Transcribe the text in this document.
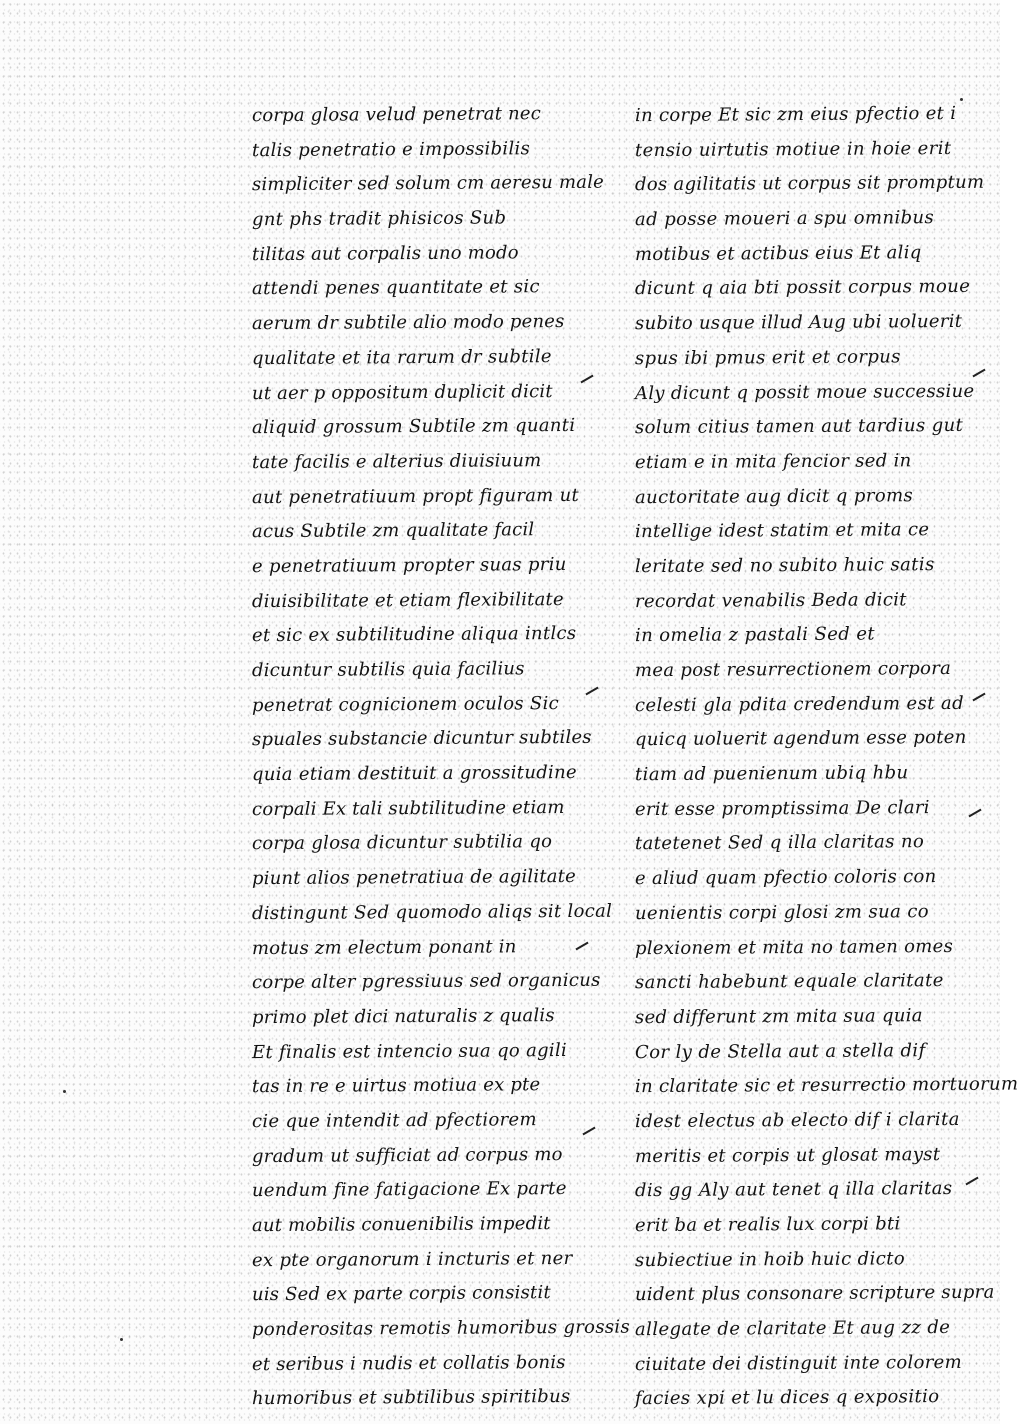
corpa glosa velud penetrat nec
talis penetratio e impossibilis
simpliciter sed solum cm aeresu male
gnt phs tradit phisicos Sub
tilitas aut corpalis uno modo
attendi penes quantitate et sic
aerum dr subtile alio modo penes
qualitate et ita rarum dr subtile
ut aer p oppositum duplicit dicit
aliquid grossum Subtile zm quanti
tate facilis e alterius diuisiuum
aut penetratiuum propt figuram ut
acus Subtile zm qualitate facil
e penetratiuum propter suas priu
diuisibilitate et etiam flexibilitate
et sic ex subtilitudine aliqua intlcs
dicuntur subtilis quia facilius
penetrat cognicionem oculos Sic
spuales substancie dicuntur subtiles
quia etiam destituit a grossitudine
corpali Ex tali subtilitudine etiam
corpa glosa dicuntur subtilia qo
piunt alios penetratiua de agilitate
distingunt Sed quomodo aliqs sit local
motus zm electum ponant in
corpe alter pgressiuus sed organicus
primo plet dici naturalis z qualis
Et finalis est intencio sua qo agili
tas in re e uirtus motiua ex pte
cie que intendit ad pfectiorem
gradum ut sufficiat ad corpus mo
uendum fine fatigacione Ex parte
aut mobilis conuenibilis impedit
ex pte organorum i incturis et ner
uis Sed ex parte corpis consistit
ponderositas remotis humoribus grossis
et seribus i nudis et collatis bonis
humoribus et subtilibus spiritibus
in corpe Et sic zm eius pfectio et i
tensio uirtutis motiue in hoie erit
dos agilitatis ut corpus sit promptum
ad posse moueri a spu omnibus
motibus et actibus eius Et aliq
dicunt q aia bti possit corpus moue
subito usque illud Aug ubi uoluerit
spus ibi pmus erit et corpus
Aly dicunt q possit moue successiue
solum citius tamen aut tardius gut
etiam e in mita fencior sed in
auctoritate aug dicit q proms
intellige idest statim et mita ce
leritate sed no subito huic satis
recordat venabilis Beda dicit
in omelia z pastali Sed et
mea post resurrectionem corpora
celesti gla pdita credendum est ad
quicq uoluerit agendum esse poten
tiam ad puenienum ubiq hbu
erit esse promptissima De clari
tatetenet Sed q illa claritas no
e aliud quam pfectio coloris con
uenientis corpi glosi zm sua co
plexionem et mita no tamen omes
sancti habebunt equale claritate
sed differunt zm mita sua quia
Cor ly de Stella aut a stella dif
in claritate sic et resurrectio mortuorum
idest electus ab electo dif i clarita
meritis et corpis ut glosat mayst
dis gg Aly aut tenet q illa claritas
erit ba et realis lux corpi bti
subiectiue in hoib huic dicto
uident plus consonare scripture supra
allegate de claritate Et aug zz de
ciuitate dei distinguit inte colorem
facies xpi et lu dices q expositio
